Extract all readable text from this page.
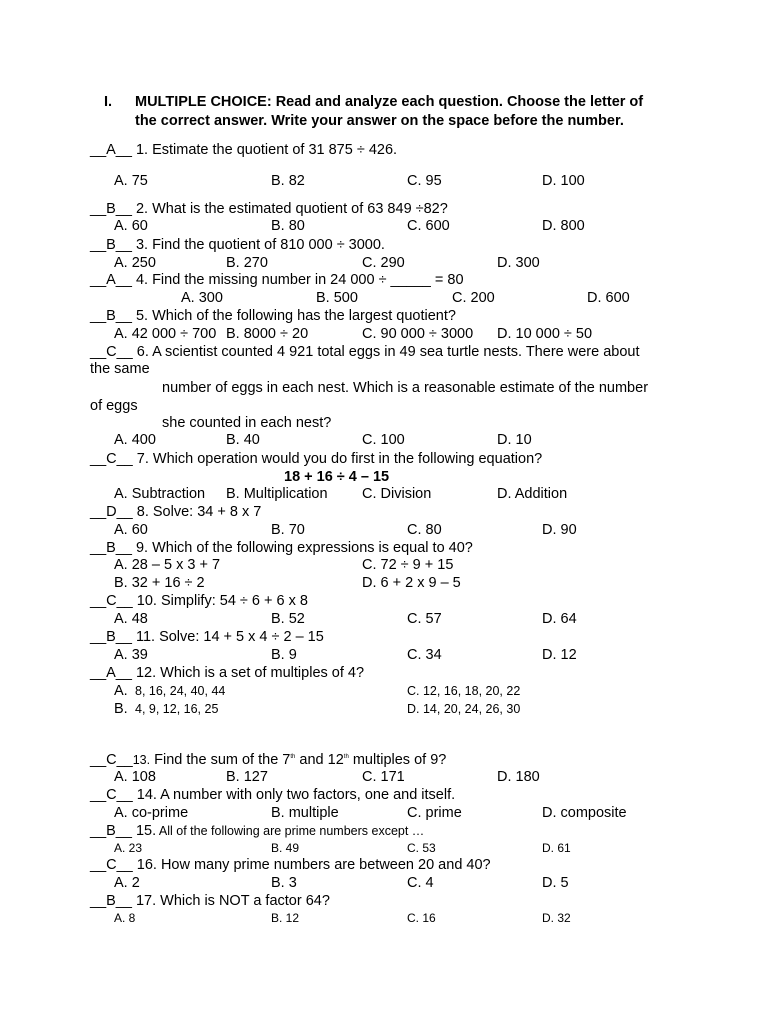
I. MULTIPLE CHOICE: Read and analyze each question. Choose the letter of
the correct answer. Write your answer on the space before the number.
__A__ 1. Estimate the quotient of 31 875 ÷ 426.
A. 75	B. 82	C. 95	D. 100
__B__ 2. What is the estimated quotient of 63 849 ÷82?
A. 60	B. 80	C. 600	D. 800
__B__ 3. Find the quotient of 810 000 ÷ 3000.
A. 250	B. 270	C. 290	D. 300
__A__ 4. Find the missing number in 24 000 ÷ _____ = 80
A. 300	B. 500	C. 200	D. 600
__B__ 5. Which of the following has the largest quotient?
A. 42 000 ÷ 700 B. 8000 ÷ 20	C. 90 000 ÷ 3000 D. 10 000 ÷ 50
__C__ 6. A scientist counted 4 921 total eggs in 49 sea turtle nests. There were about
the same
number of eggs in each nest. Which is a reasonable estimate of the number
of eggs
she counted in each nest?
A. 400	B. 40	C. 100	D. 10
__C__ 7. Which operation would you do first in the following equation?
18 + 16 ÷ 4 – 15
A. Subtraction B. Multiplication C. Division	D. Addition
__D__ 8. Solve: 34 + 8 x 7
A. 60	B. 70	C. 80	D. 90
__B__ 9. Which of the following expressions is equal to 40?
A. 28 – 5 x 3 + 7	C. 72 ÷ 9 + 15
B. 32 + 16 ÷ 2	D. 6 + 2 x 9 – 5
__C__ 10. Simplify: 54 ÷ 6 + 6 x 8
A. 48	B. 52	C. 57	D. 64
__B__ 11. Solve: 14 + 5 x 4 ÷ 2 – 15
A. 39	B. 9	C. 34	D. 12
__A__ 12. Which is a set of multiples of 4?
A. 8, 16, 24, 40, 44	C. 12, 16, 18, 20, 22
B. 4, 9, 12, 16, 25	D. 14, 20, 24, 26, 30
__C__13. Find the sum of the 7th and 12th multiples of 9?
A. 108	B. 127	C. 171	D. 180
__C__ 14. A number with only two factors, one and itself.
A. co-prime	B. multiple	C. prime	D. composite
__B__ 15. All of the following are prime numbers except …
A. 23	B. 49	C. 53	D. 61
__C__ 16. How many prime numbers are between 20 and 40?
A. 2	B. 3	C. 4	D. 5
__B__ 17. Which is NOT a factor 64?
A. 8	B. 12	C. 16	D. 32
